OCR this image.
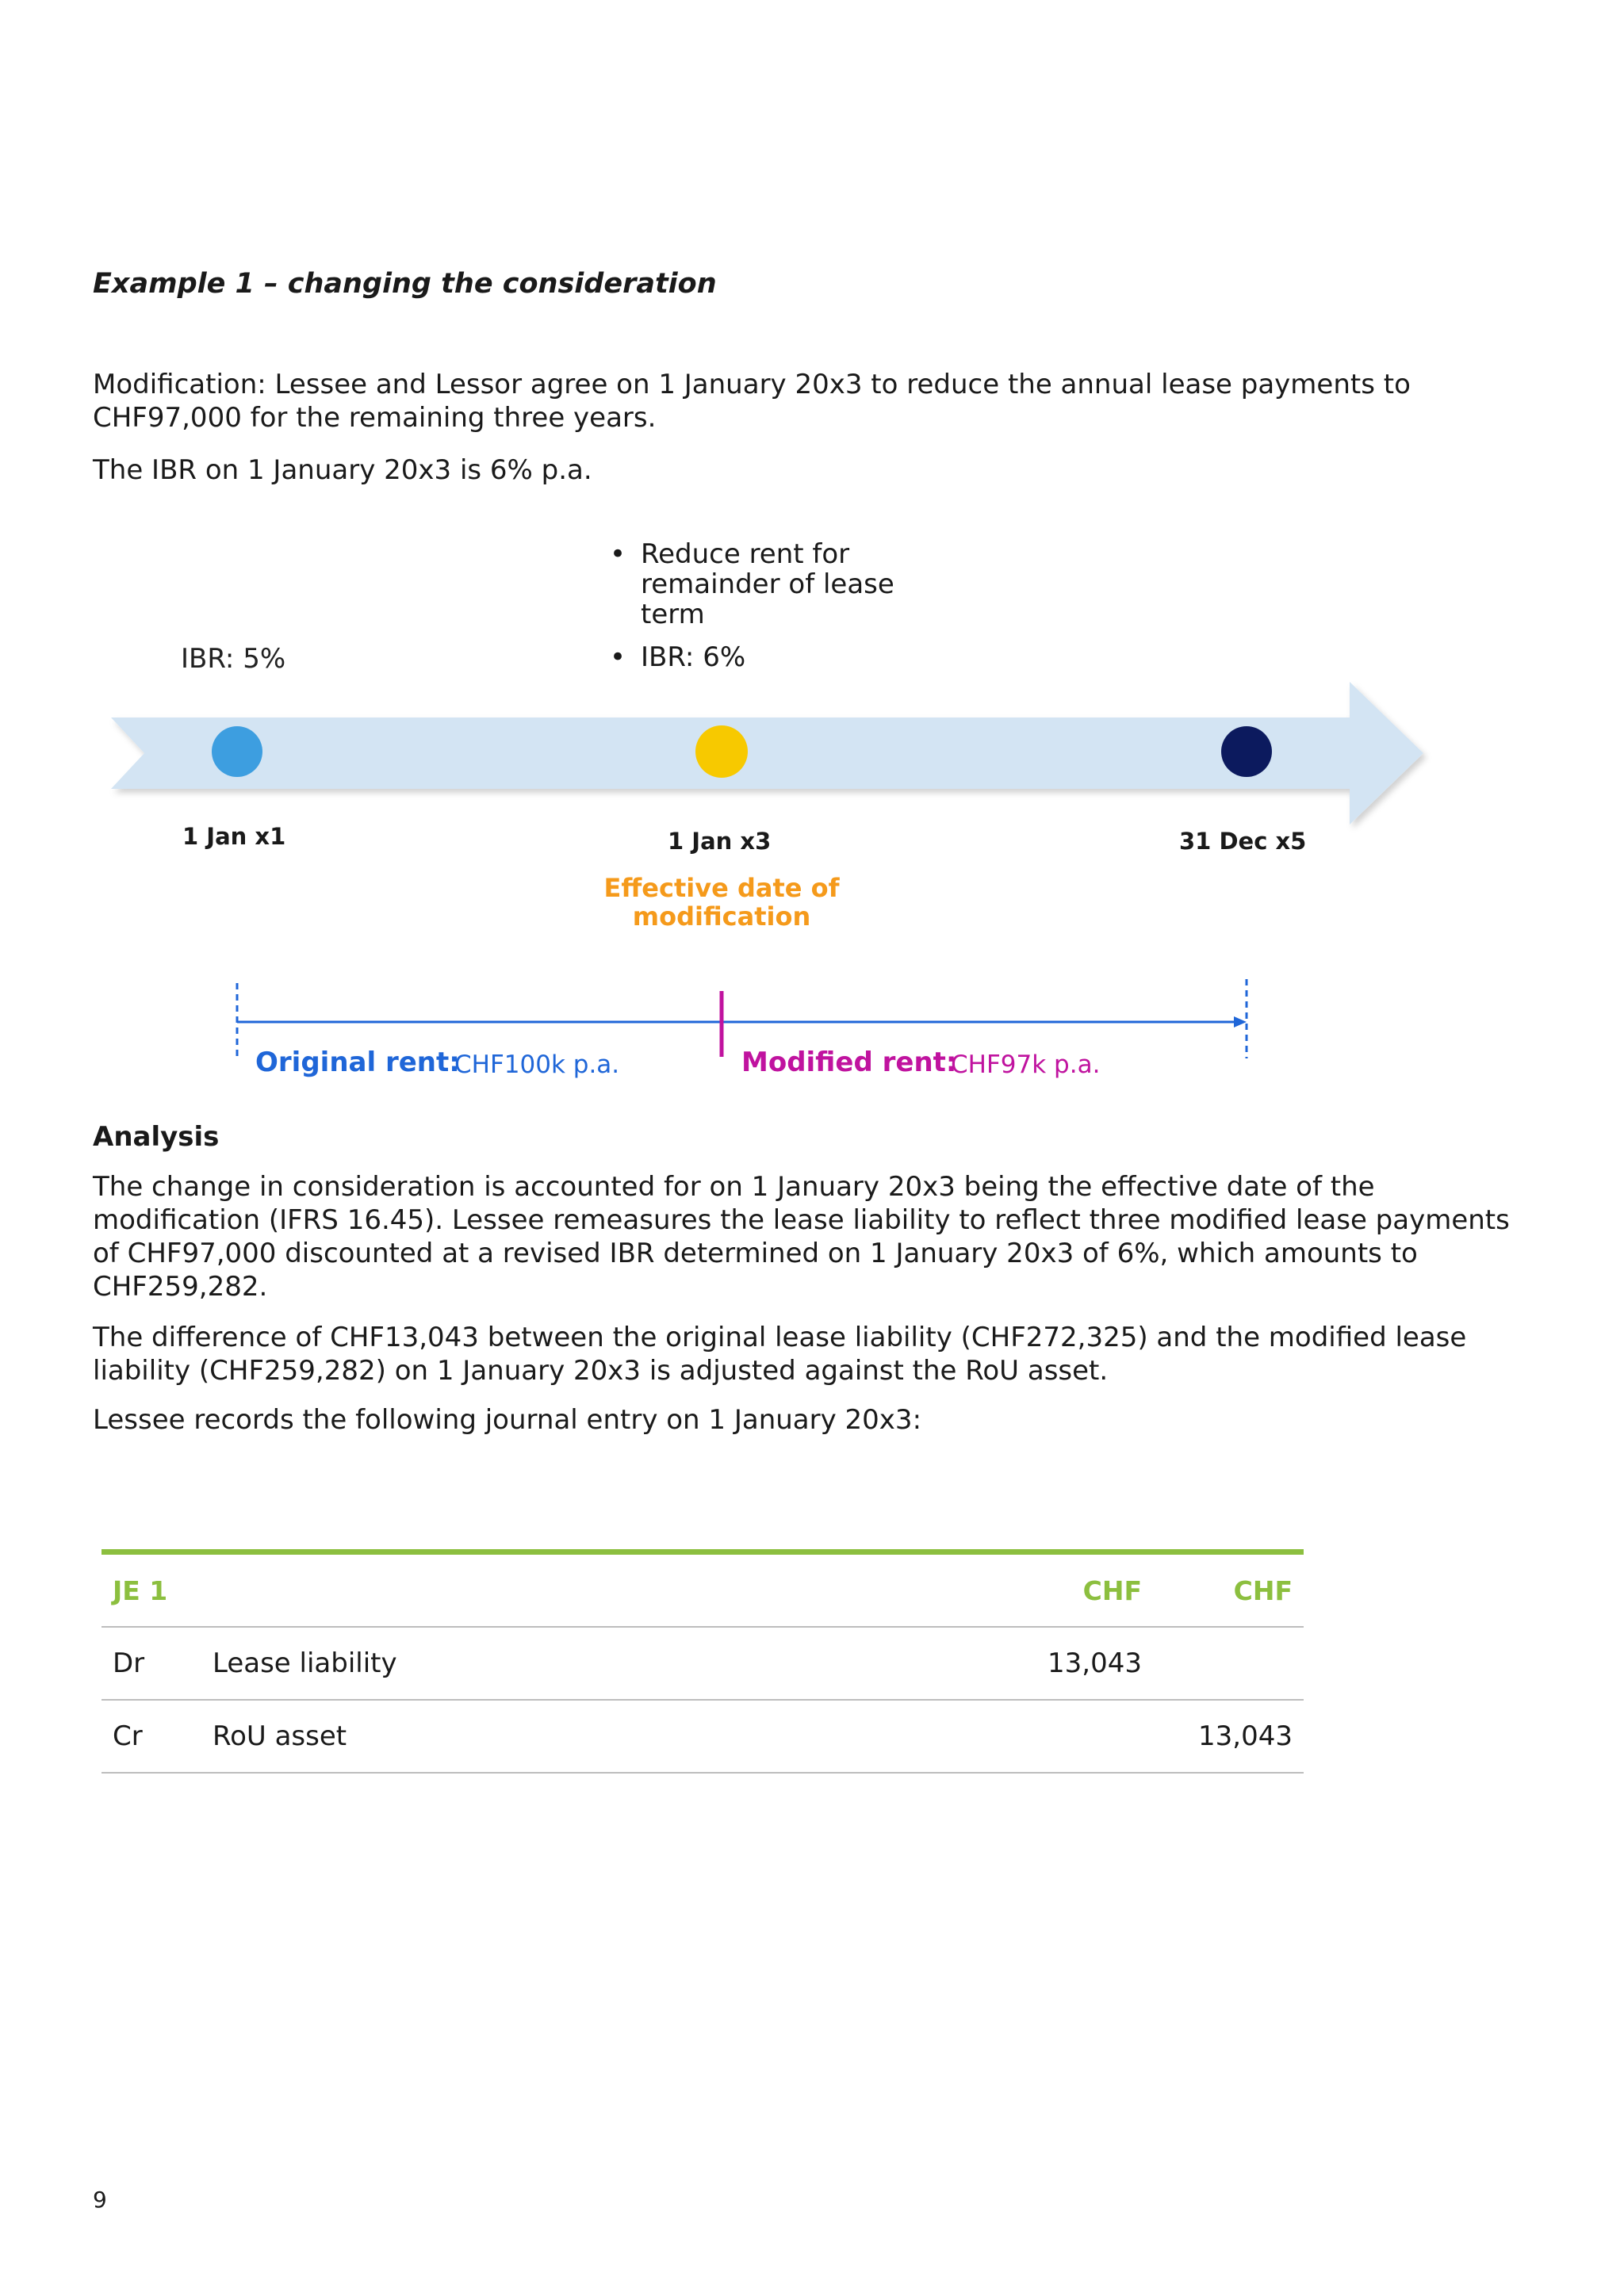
Example 1 – changing the consideration
Modification: Lessee and Lessor agree on 1 January 20x3 to reduce the annual lease payments to CHF97,000 for the remaining three years.
The IBR on 1 January 20x3 is 6% p.a.
IBR: 5%
• Reduce rent for remainder of lease term
• IBR: 6%
1 Jan x1	1 Jan x3	31 Dec x5
Effective date of modification
Original rent:
CHF100k p.a.	Modified rent:
CHF97k p.a.
Analysis
The change in consideration is accounted for on 1 January 20x3 being the effective date of the modification (IFRS 16.45). Lessee remeasures the lease liability to reflect three modified lease payments of CHF97,000 discounted at a revised IBR determined on 1 January 20x3 of 6%, which amounts to CHF259,282.
The difference of CHF13,043 between the original lease liability (CHF272,325) and the modified lease liability (CHF259,282) on 1 January 20x3 is adjusted against the RoU asset.
Lessee records the following journal entry on 1 January 20x3:
JE 1		CHF	CHF
Dr	Lease liability	13,043	
Cr	RoU asset		13,043
9
